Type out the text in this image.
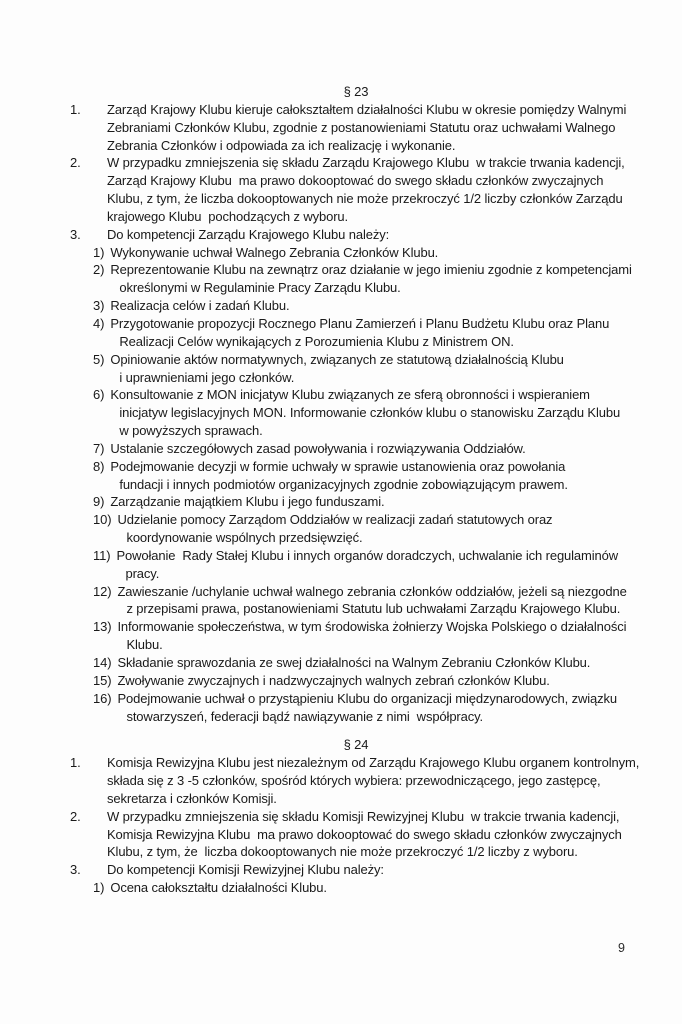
§ 23
1.	Zarząd Krajowy Klubu kieruje całokształtem działalności Klubu w okresie pomiędzy Walnymi
Zebraniami Członków Klubu, zgodnie z postanowieniami Statutu oraz uchwałami Walnego
Zebrania Członków i odpowiada za ich realizację i wykonanie.
2.	W przypadku zmniejszenia się składu Zarządu Krajowego Klubu  w trakcie trwania kadencji,
Zarząd Krajowy Klubu  ma prawo dokooptować do swego składu członków zwyczajnych
Klubu, z tym, że liczba dokooptowanych nie może przekroczyć 1/2 liczby członków Zarządu
krajowego Klubu  pochodzących z wyboru.
3.	Do kompetencji Zarządu Krajowego Klubu należy:
1) Wykonywanie uchwał Walnego Zebrania Członków Klubu.
2) Reprezentowanie Klubu na zewnątrz oraz działanie w jego imieniu zgodnie z kompetencjami
określonymi w Regulaminie Pracy Zarządu Klubu.
3) Realizacja celów i zadań Klubu.
4) Przygotowanie propozycji Rocznego Planu Zamierzeń i Planu Budżetu Klubu oraz Planu
Realizacji Celów wynikających z Porozumienia Klubu z Ministrem ON.
5) Opiniowanie aktów normatywnych, związanych ze statutową działalnością Klubu
i uprawnieniami jego członków.
6) Konsultowanie z MON inicjatyw Klubu związanych ze sferą obronności i wspieraniem
inicjatyw legislacyjnych MON. Informowanie członków klubu o stanowisku Zarządu Klubu
w powyższych sprawach.
7) Ustalanie szczegółowych zasad powoływania i rozwiązywania Oddziałów.
8) Podejmowanie decyzji w formie uchwały w sprawie ustanowienia oraz powołania
fundacji i innych podmiotów organizacyjnych zgodnie zobowiązującym prawem.
9) Zarządzanie majątkiem Klubu i jego funduszami.
10) Udzielanie pomocy Zarządom Oddziałów w realizacji zadań statutowych oraz
koordynowanie wspólnych przedsięwzięć.
11) Powołanie  Rady Stałej Klubu i innych organów doradczych, uchwalanie ich regulaminów
pracy.
12) Zawieszanie /uchylanie uchwał walnego zebrania członków oddziałów, jeżeli są niezgodne
z przepisami prawa, postanowieniami Statutu lub uchwałami Zarządu Krajowego Klubu.
13) Informowanie społeczeństwa, w tym środowiska żołnierzy Wojska Polskiego o działalności
Klubu.
14) Składanie sprawozdania ze swej działalności na Walnym Zebraniu Członków Klubu.
15) Zwoływanie zwyczajnych i nadzwyczajnych walnych zebrań członków Klubu.
16) Podejmowanie uchwał o przystąpieniu Klubu do organizacji międzynarodowych, związku
stowarzyszeń, federacji bądź nawiązywanie z nimi  współpracy.
§ 24
1.	Komisja Rewizyjna Klubu jest niezależnym od Zarządu Krajowego Klubu organem kontrolnym,
składa się z 3 -5 członków, spośród których wybiera: przewodniczącego, jego zastępcę,
sekretarza i członków Komisji.
2.	W przypadku zmniejszenia się składu Komisji Rewizyjnej Klubu  w trakcie trwania kadencji,
Komisja Rewizyjna Klubu  ma prawo dokooptować do swego składu członków zwyczajnych
Klubu, z tym, że  liczba dokooptowanych nie może przekroczyć 1/2 liczby z wyboru.
3.	Do kompetencji Komisji Rewizyjnej Klubu należy:
1) Ocena całokształtu działalności Klubu.
9
